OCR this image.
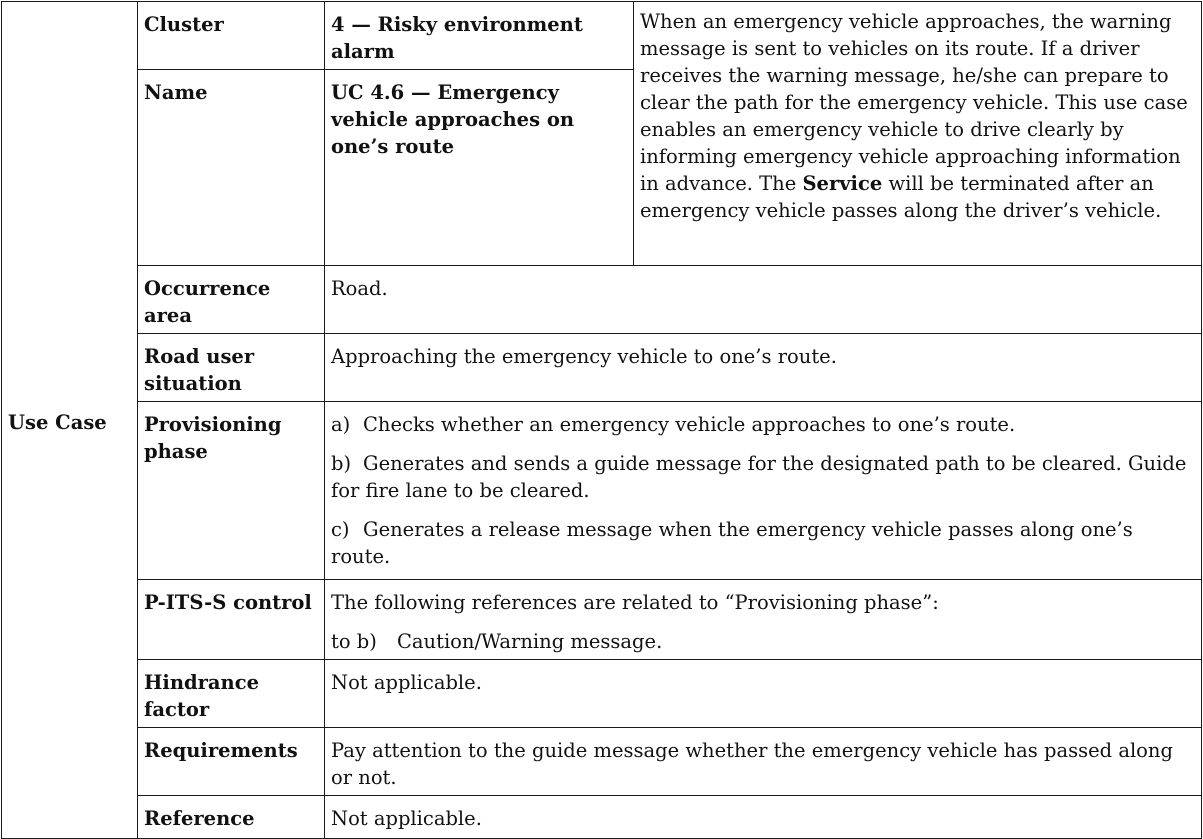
Use Case	Cluster	4 — Risky environment alarm	When an emergency vehicle approaches, the warning message is sent to vehicles on its route. If a driver receives the warning message, he/she can prepare to clear the path for the emergency vehicle. This use case enables an emergency vehicle to drive clearly by informing emergency vehicle approaching information in advance. The Service will be terminated after an emergency vehicle passes along the driver’s vehicle.
	Name	UC 4.6 — Emergency vehicle approaches on one’s route	
	Occurrence area	Road.	
	Road user situation	Approaching the emergency vehicle to one’s route.	
	Provisioning phase	a) Checks whether an emergency vehicle approaches to one’s route.
b) Generates and sends a guide message for the designated path to be cleared. Guide for fire lane to be cleared.
c) Generates a release message when the emergency vehicle passes along one’s route.	

	P-ITS-S control	The following references are related to “Provisioning phase”:
to b) Caution/Warning message.	

	Hindrance factor	Not applicable.	
	Requirements	Pay attention to the guide message whether the emergency vehicle has passed along or not.	
	Reference	Not applicable.	
